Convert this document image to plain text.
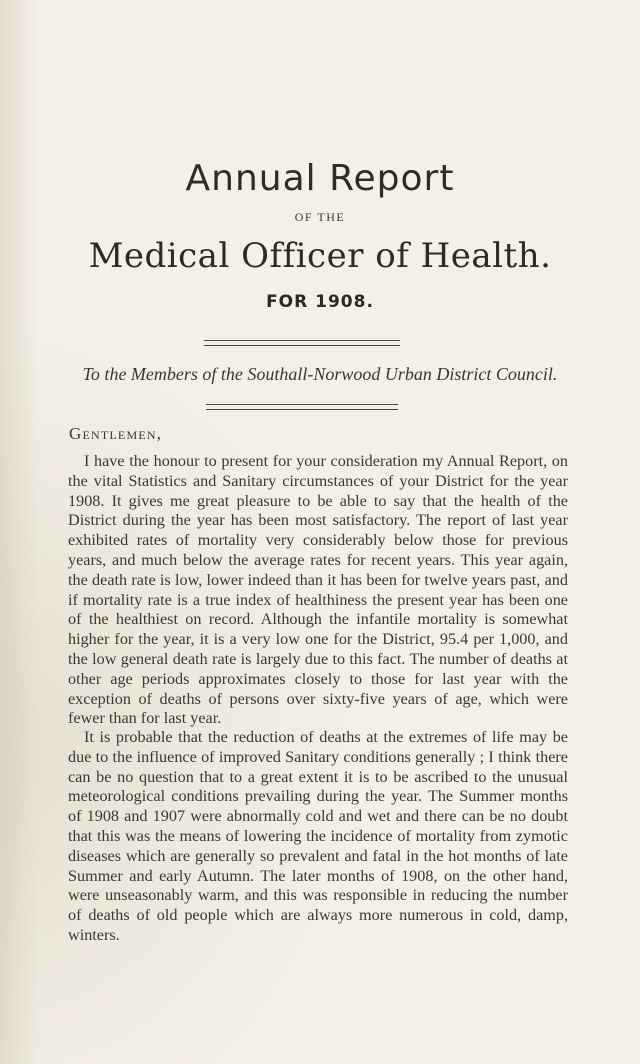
Annual Report
OF THE
Medical Officer of Health.
FOR 1908.
To the Members of the Southall-Norwood Urban District Council.
Gentlemen,

I have the honour to present for your consideration my Annual Report, on the vital Statistics and Sanitary circumstances of your District for the year 1908. It gives me great pleasure to be able to say that the health of the District during the year has been most satisfactory. The report of last year exhibited rates of mortality very considerably below those for previous years, and much below the average rates for recent years. This year again, the death rate is low, lower indeed than it has been for twelve years past, and if mortality rate is a true index of healthiness the present year has been one of the healthiest on record. Although the infantile mortality is somewhat higher for the year, it is a very low one for the District, 95.4 per 1,000, and the low general death rate is largely due to this fact. The number of deaths at other age periods approximates closely to those for last year with the exception of deaths of persons over sixty-five years of age, which were fewer than for last year.

It is probable that the reduction of deaths at the extremes of life may be due to the influence of improved Sanitary conditions generally ; I think there can be no question that to a great extent it is to be ascribed to the unusual meteorological conditions prevailing during the year. The Summer months of 1908 and 1907 were abnormally cold and wet and there can be no doubt that this was the means of lowering the incidence of mortality from zymotic diseases which are generally so prevalent and fatal in the hot months of late Summer and early Autumn. The later months of 1908, on the other hand, were unseasonably warm, and this was responsible in reducing the number of deaths of old people which are always more numerous in cold, damp, winters.
